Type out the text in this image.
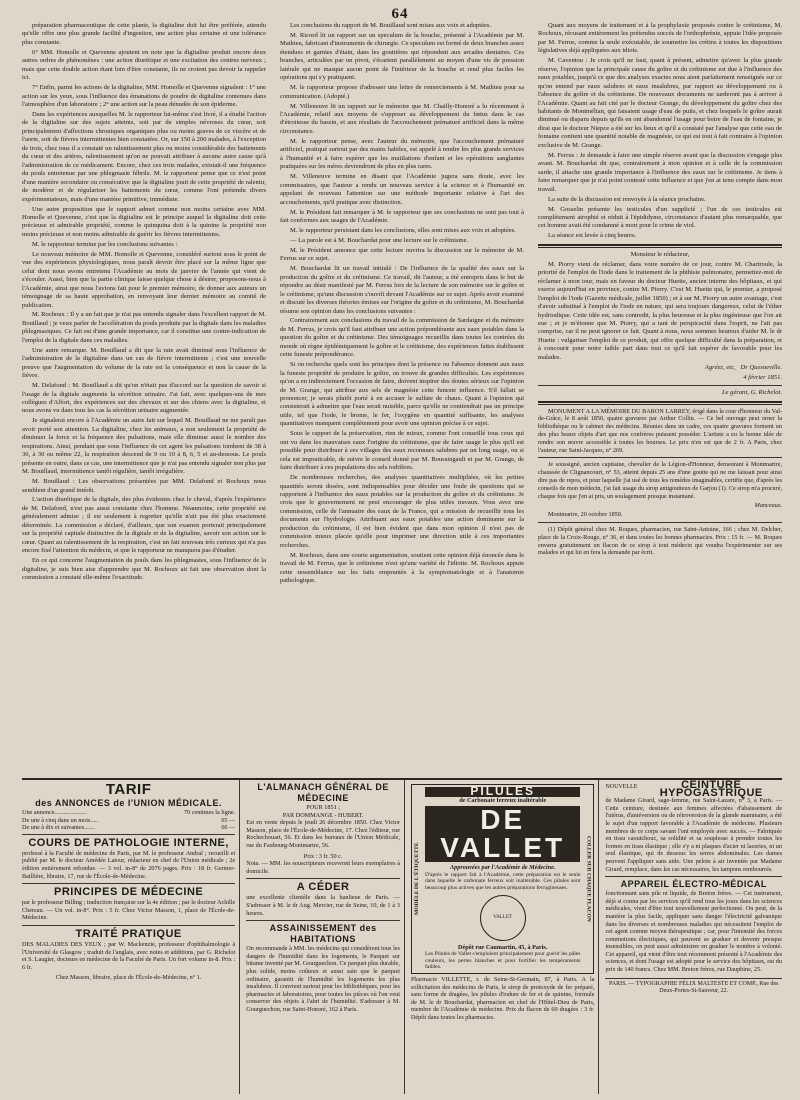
64

préparation pharmaceutique de cette plante, la digitaline doit lui être préférée, attendu qu'elle offre une plus grande facilité d'ingestion, une action plus certaine et une tolérance plus constante.

6° MM. Homolle et Quevenne ajoutent en note que la digitaline produit encore deux autres ordres de phénomènes : une action diurétique et une excitation des centres nerveux ; mais que cette double action étant loin d'être constante, ils ne croient pas devoir la rappeler ici.

7° Enfin, parmi les actions de la digitaline, MM. Homolle et Quevenne signalent : 1° une action sur les yeux, sous l'influence des émanations de poudre de digitaline contenues dans l'atmosphère d'un laboratoire ; 2° une action sur la peau dénudée de son épiderme.

Dans les expériences auxquelles M. le rapporteur lui-même s'est livré, il a étudié l'action de la digitaline sur des sujets atteints, soit par de simples névroses du cœur, soit principalement d'affections chroniques organiques plus ou moins graves de ce viscère et de l'aorte, soit de fièvres intermittentes bien constatées. Or, sur 150 à 200 malades, à l'exception de trois, chez tous il a constaté un ralentissement plus ou moins considérable des battements du cœur et des artères, ralentissement qu'on ne pouvait attribuer à aucune autre cause qu'à l'administration de ce médicament. Encore, chez ces trois malades, existait-il une fréquence du pouls entretenue par une phlegmasie fébrile. M. le rapporteur pense que ce n'est point d'une manière secondaire ou consécutive que la digitaline jouit de cette propriété de ralentir, de modérer et de régulariser les battements du cœur, comme l'ont prétendu divers expérimentateurs, mais d'une manière primitive, immédiate.

Une autre proposition que le rapport admet comme non moins certaine avec MM. Homolle et Quevenne, c'est que la digitaline est le principe auquel la digitaline doit cette précieuse et admirable propriété, comme le quinquina doit à la quinine la propriété non moins précieuse et non moins admirable de guérir les fièvres intermittentes.

M. le rapporteur termine par les conclusions suivantes :

Le nouveau mémoire de MM. Homolle et Quevenne, considéré surtout sous le point de vue des expériences physiologiques, nous paraît devoir être placé sur la même ligne que celui dont nous avons entretenu l'Académie au mois de janvier de l'année qui vient de s'écouler. Aussi, bien que la partie clinique laisse quelque chose à désirer, proposons-nous à l'Académie, ainsi que nous l'avions fait pour le premier mémoire, de donner aux auteurs un témoignage de sa haute approbation, en renvoyant leur dernier mémoire au comité de publication.

M. Rochoux : Il y a un fait que je n'ai pas entendu signaler dans l'excellent rapport de M. Bouillaud ; je veux parler de l'accélération du pouls produite par la digitale dans les maladies phlegmasiques. Ce fait est d'une grande importance, car il constitue une contre-indication de l'emploi de la digitale dans ces maladies.

Une autre remarque. M. Bouillaud a dit que la rate avait diminué sous l'influence de l'administration de la digitaline dans un cas de fièvre intermittente ; c'est une nouvelle preuve que l'augmentation du volume de la rate est la conséquence et non la cause de la fièvre.

M. Delafond : M. Bouillaud a dit qu'on n'était pas d'accord sur la question de savoir si l'usage de la digitale augmente la sécrétion urinaire. J'ai fait, avec quelques-uns de mes collègues d'Alfort, des expériences sur des chevaux et sur des chiens avec la digitaline, et nous avons vu dans tous les cas la sécrétion urinaire augmentée.

Je signalerai encore à l'Académie un autre fait sur lequel M. Bouillaud ne me paraît pas avoir porté son attention. La digitaline, chez les animaux, a non seulement la propriété de diminuer la force et la fréquence des pulsations, mais elle diminue aussi le nombre des respirations. Ainsi, pendant que sous l'influence de cet agent les pulsations tombent de 38 à 30, à 30 ou même 22, la respiration descend de 9 ou 10 à 8, 6, 5 et au-dessous. Le pouls présente en outre, dans ce cas, une intermittence que je n'ai pas entendu signaler non plus par M. Bouillaud, intermittence tantôt régulière, tantôt irrégulière.

M. Bouillaud : Les observations présentées par MM. Delafond et Rochoux nous semblent d'un grand intérêt.

L'action diurétique de la digitale, des plus évidentes chez le cheval, d'après l'expérience de M. Delafond, n'est pas aussi constante chez l'homme. Néanmoins, cette propriété est généralement admise ; il est seulement à regretter qu'elle n'ait pas été plus exactement déterminée. La commission a déclaré, d'ailleurs, que son examen porterait principalement sur la propriété capitale distinctive de la digitale et de la digitaline, savoir son action sur le cœur. Quant au ralentissement de la respiration, c'est un fait nouveau très curieux qui n'a pas encore fixé l'attention du médecin, et que le rapporteur ne manquera pas d'étudier.

En ce qui concerne l'augmentation du pouls dans les phlegmasies, sous l'influence de la digitaline, je suis bien aise d'apprendre que M. Rochoux ait fait une observation dont la commission a constaté elle-même l'exactitude.

Les conclusions du rapport de M. Bouillaud sont mises aux voix et adoptées.

M. Ricord lit un rapport sur un speculum de la bouche, présenté à l'Académie par M. Mathieu, fabricant d'instruments de chirurgie. Ce speculum est formé de deux branches assez étendues et garnies d'étain, dans les gouttières qui répondent aux arcades dentaires. Ces branches, articulées par un pivot, s'écartent parallèlement au moyen d'une vis de pression latérale qui ne masque aucun point de l'intérieur de la bouche et rend plus faciles les opérations qui s'y pratiquent.

M. le rapporteur propose d'adresser une lettre de remerciements à M. Mathieu pour sa communication. (Adopté.)

M. Villeneuve lit un rapport sur le mémoire que M. Chailly-Honoré a lu récemment à l'Académie, relatif aux moyens de s'opposer au développement du fœtus dans le cas d'étroitesse du bassin, et aux résultats de l'accouchement prématuré artificiel dans la même circonstance.

M. le rapporteur pense, avec l'auteur du mémoire, que l'accouchement prématuré artificiel, pratiqué surtout par des mains habiles, est appelé à rendre les plus grands services à l'humanité et à faire espérer que les mutilations d'enfant et les opérations sanglantes pratiquées sur les mères deviendront de plus en plus rares.

M. Villeneuve termine en disant que l'Académie jugera sans doute, avec les commissaires, que l'auteur a rendu un nouveau service à la science et à l'humanité en appelant de nouveau l'attention sur une méthode importante relative à l'art des accouchements, qu'il pratique avec distinction.

M. le Président fait remarquer à M. le rapporteur que ses conclusions ne sont pas tout à fait conformes aux usages de l'Académie.

M. le rapporteur persistant dans les conclusions, elles sont mises aux voix et adoptées.

— La parole est à M. Bouchardat pour une lecture sur le crétinisme.

M. le Président annonce que cette lecture ouvrira la discussion sur le mémoire de M. Ferrus sur ce sujet.

M. Bouchardat lit un travail intitulé : De l'influence de la qualité des eaux sur la production du goître et du crétinisme. Ce travail, dit l'auteur, a été entrepris dans le but de répondre au désir manifesté par M. Ferrus lors de la lecture de son mémoire sur le goître et le crétinisme, qu'une discussion s'ouvrît devant l'Académie sur ce sujet. Après avoir examiné et discuté les diverses théories émises sur l'origine du goître et du crétinisme, M. Bouchardat résume son opinion dans les conclusions suivantes :

Contrairement aux conclusions du travail de la commission de Sardaigne et du mémoire de M. Ferrus, je crois qu'il faut attribuer une action prépondérante aux eaux potables dans la question du goître et du crétinisme. Des témoignages recueillis dans toutes les contrées du monde où règne épidémiquement le goître et le crétinisme, des expériences faites établissent cette funeste prépondérance.

Si on recherche quels sont les principes dont la présence ou l'absence donnent aux eaux la funeste propriété de produire le goître, on trouve de grandes difficultés. Les expériences qu'on a en indirectement l'occasion de faire, doivent inspirer des doutes sérieux sur l'opinion de M. Grange, qui attribue aux sels de magnésie cette funeste influence. S'il fallait se prononcer, je serais plutôt porté à en accuser le sulfate de chaux. Quant à l'opinion qui consisterait à admettre que l'eau serait nuisible, parce qu'elle ne contiendrait pas un principe utile, tel que l'iode, le brome, le fer, l'oxygène en quantité suffisante, les analyses quantitatives manquent complètement pour avoir une opinion précise à ce sujet.

Sous le rapport de la préservation, rien de mieux, comme l'ont conseillé tous ceux qui ont vu dans les mauvaises eaux l'origine du crétinisme, que de faire usage le plus qu'il est possible pour distribuer à ces villages des eaux reconnues salubres par un long usage, ou si cela est impraticable, de suivre le conseil donné par M. Boussingault et par M. Grange, de faire distribuer à ces populations des sels iodifères.

De nombreuses recherches, des analyses quantitatives multipliées, où les petites quantités seront dosées, sont indispensables pour décider une foule de questions qui se rapportent à l'influence des eaux potables sur la production du goître et du crétinisme. Je crois que le gouvernement ne peut encourager de plus utiles travaux. Vous avez une commission, celle de l'annuaire des eaux de la France, qui a mission de recueillir tous les documents sur l'hydrologie. Attribuant aux eaux potables une action dominante sur la production du crétinisme, il est bien évident que dans mon opinion il n'est pas de commission mieux placée qu'elle pour imprimer une direction utile à ces importantes recherches.

M. Rochoux, dans une courte argumentation, soutient cette opinion déjà énoncée dans le travail de M. Ferrus, que le crétinisme n'est qu'une variété de l'idiotie. M. Rochoux appuie cette ressemblance sur les faits empruntés à la symptomatologie et à l'anatomie pathologique.

Quant aux moyens de traitement et à la prophylaxie proposés contre le crétinisme, M. Rochoux, récusant entièrement les prétendus succès de l'orthophrénie, appuie l'idée proposée par M. Ferrus, comme la seule exécutable, de soumettre les crétins à toutes les dispositions législatives déjà appliquées aux idiots.

M. Caventou : Je crois qu'il ne faut, quant à présent, admettre qu'avec la plus grande réserve, l'opinion que la principale cause du goître et du crétinisme est due à l'influence des eaux potables, jusqu'à ce que des analyses exactes nous aient parfaitement renseignés sur ce qu'on entend par eaux salubres et eaux insalubres, par rapport au développement ou à l'absence du goître et du crétinisme. De nouveaux documents ne tarderont pas à arriver à l'Académie. Quant au fait cité par le docteur Grange, du développement du goître chez des habitants de Montmélian, qui faisaient usage d'eau de puits, et chez lesquels le goître aurait diminué ou disparu depuis qu'ils en ont abandonné l'usage pour boire de l'eau de fontaine, je dirai que le docteur Niepce a été sur les lieux et qu'il a constaté par l'analyse que cette eau de fontaine contient une quantité notable de magnésie, ce qui est tout à fait contraire à l'opinion exclusive de M. Grange.

M. Ferrus : Je demande à faire une simple réserve avant que la discussion s'engage plus avant. M. Bouchardat dit que, contrairement à mon opinion et à celle de la commission sarde, il attache une grande importance à l'influence des eaux sur le crétinisme. Je tiens à faire remarquer que je n'ai point contesté cette influence et que j'en ai tenu compte dans mon travail.

La suite de la discussion est renvoyée à la séance prochaine.

M. Gosselin présente les testicules d'un supplicié ; l'un de ces testicules est complètement atrophié et réduit à l'épididyme, circonstance d'autant plus remarquable, que cet homme avait été condamné à mort pour le crime de viol.

La séance est levée à cinq heures.

Monsieur le rédacteur,

M. Piorry vient de réclamer, dans votre numéro de ce jour, contre M. Chartroule, la priorité de l'emploi de l'iode dans le traitement de la phthisie pulmonaire, permettez-moi de réclamer à mon tour, mais en faveur du docteur Huette, ancien interne des hôpitaux, et qui exerce aujourd'hui en province, contre M. Piorry. C'est M. Huette qui, le premier, a proposé l'emploi de l'iode (Gazette médicale, juillet 1850) ; et à sur M. Piorry un autre avantage, c'est d'avoir substitué à l'emploi de l'iode en nature, qui sera toujours dangereux, celui de l'éther hydriodique. Cette idée est, sans contredit, la plus heureuse et la plus ingénieuse que l'on ait eue ; et je m'étonne que M. Piorry, qui a tant de perspicacité dans l'esprit, ne l'ait pas comprise, car il ne peut ignorer ce fait. Quant à nous, nous sommes heureux d'aider M. le dr Huette : vulgariser l'emploi de ce produit, qui offre quelque difficulté dans la préparation, et à concourir pour notre faible part dans tout ce qu'il fait espérer de favorable pour les malades.

Agréez, etc, Dr Quesneville.

4 février 1851.

Le gérant, G. Richelot.

MONUMENT A LA MÉMOIRE DU BARON LARREY, érigé dans la cour d'honneur du Val-de-Grâce, le 8 août 1850, quatre gravures par Arthur Collin. — Ce bel ouvrage peut orner la bibliothèque ou le cabinet des médecins. Réunies dans un cadre, ces quatre gravures forment un des plus beaux objets d'art que nos confrères puissent posséder. L'artiste a eu la bonne idée de rendre son œuvre accessible à toutes les bourses. Le prix n'en est que de 2 fr. A Paris, chez l'auteur, rue Saint-Jacques, n° 269.

Je soussigné, ancien capitaine, chevalier de la Légion-d'Honneur, demeurant à Montmartre, chaussée de Clignancourt, n° 53, atteint depuis 25 ans d'une goutte qui ne me laissait pour ainsi dire pas de repos, et pour laquelle j'ai usé de tous les remèdes imaginables, certifie que, d'après les conseils de mon médecin, j'ai fait usage du sirop antigoutteux de Garjou (1). Ce sirop m'a procuré, chaque fois que j'en ai pris, un soulagement presque instantané.

Manceaux.

Montmartre, 20 octobre 1850.

(1) Dépôt général chez M. Roques, pharmacien, rue Saint-Antoine, 166 ; chez M. Delcher, place de la Croix-Rouge, n° 36, et dans toutes les bonnes pharmacies. Prix : 15 fr. — M. Roques envarra gratuitement un flacon de ce sirop à tout médecin qui voudra l'expérimenter sur ses malades et qui lui en fera la demande par écrit.

TARIF
des ANNONCES de l'UNION MÉDICALE.
Une annonce.....................	70 centimes la ligne.
De une à cinq dans un mois.....	65 —
De une à dix et suivantes.......	60 —
COURS DE PATHOLOGIE INTERNE,
professé à la Faculté de médecine de Paris, par M. le professeur Andral ; recueilli et publié par M. le docteur Amédée Latour, rédacteur en chef de l'Union médicale ; 2e édition entièrement refondue. — 3 vol. in-8° de 2076 pages. Prix : 18 fr. Germer-Baillière, libraire, 17, rue de l'École-de-Médecine.
PRINCIPES DE MÉDECINE
par le professeur Billing ; traduction française sur la 4e édition ; par le docteur Achille Chereau. — Un vol. in-8°. Prix : 5 fr. Chez Victor Masson, 1, place de l'École-de-Médecine.
TRAITÉ PRATIQUE
DES MALADIES DES YEUX ; par W. Mackenzie, professeur d'ophthalmologie à l'Université de Glasgow ; traduit de l'anglais, avec notes et additions, par G. Richelot et S. Laugier, docteurs en médecine de la Faculté de Paris. Un fort volume in-8. Prix : 6 fr.
Chez Masson, libraire, place de l'École-de-Médecine, n° 1.
L'ALMANACH GÉNÉRAL DE MÉDECINE
POUR 1851 ;
PAR DOMMANGE - HUBERT.
Est en vente depuis le jeudi 26 décembre 1850. Chez Victor Masson, place de l'École-de-Médecine, 17. Chez l'éditeur, rue Rochechouart, 56. Et dans les bureaux de l'Union Médicale, rue du Faubourg-Montmartre, 56.
Prix : 3 fr. 50 c.
Nota. — MM. les souscripteurs recevront leurs exemplaires à domicile.
A CÉDER
une excellente clientèle dans la banlieue de Paris. — S'adresser à M. le dr Aug. Mercier, rue de Seine, 10, de 1 à 3 heures.
ASSAINISSEMENT des HABITATIONS
On recommande à MM. les médecins qui considèrent tous les dangers de l'humidité dans les logements, le Parquet sur bitume inventé par M. Gourguechon. Ce parquet plus durable, plus solide, moins coûteux et aussi sain que le parquet ordinaire, garantit de l'humidité les logements les plus insalubres. Il convient surtout pour les bibliothèques, pour les pharmacies et laboratoires, pour toutes les pièces où l'on veut conserver des objets à l'abri de l'humidité. S'adresser à M. Gourguechon, rue Saint-Honoré, 162 à Paris.
MODÈLE DE L'ÉTIQUETTE
PILULES
de Carbonate ferreux inaltérable
DE VALLET
Approuvées par l'Académie de Médecine.
D'après le rapport fait à l'Académie, cette préparation est le seule dans laquelle le carbonate ferreux soit inaltérable. Ces pilules sont beaucoup plus actives que les autres préparations ferrugineuses.
VALLET
Dépôt rue Caumartin, 45, à Paris.
Les Pilules de Vallet s'emploient principalement pour guérir les pâles couleurs, les pertes blanches et pour fortifier les tempéraments faibles.
COLLER SUR CHAQUE FLACON
Pharmacie VILLETTE, r. de Seine-St-Germain, 87, à Paris. A la sollicitation des médecins de Paris, le sirop de protoxyde de fer préparé, sans forme de dragées, les pilules d'iodure de fer et de quinine, formule de M. le dr Bouchardat, pharmacien en chef de l'Hôtel-Dieu de Paris, membre de l'Académie de médecine. Prix du flacon de 60 dragées : 3 fr. Dépôt dans toutes les pharmacies.
NOUVELLE	CEINTURE HYPOGASTRIQUE
de Madame Girard, sage-femme, rue Saint-Lazare, n° 3, à Paris. — Cette ceinture, destinée aux femmes affectées d'abaissement de l'utérus, d'antéversion ou de rétroversion de la glande mammaire, a été le sujet d'un rapport favorable à l'Académie de médecine. Plusieurs membres de ce corps savant l'ont employée avec succès. — Fabriquée en tissu caoutchouc, sa solidité et sa souplesse à prendre toutes les formes en tissu élastique ; elle s'y a ni plaques d'acier ni laceries, ni un seul élastique, qui de dessous les serres abdominales. Les dames peuvent l'appliquer sans aide. Une pelote à air inventée par Madame Girard, remplace, dans les cas nécessaires, les tampons rembourrés.
APPAREIL ÉLECTRO-MÉDICAL
fonctionnant sans pile ni liquide, de Breton frères. — Cet instrument, déjà si connu par les services qu'il rend tous les jours dans les sciences médicales, vient d'être tout nouvellement perfectionné. On peut, de la manière la plus facile, appliquer sans danger l'électricité galvanique dans les diverses et nombreuses maladies qui nécessitent l'emploi de cet agent comme moyen thérapeutique ; car, pour l'intensité des forces commotions électriques, qui peuvent se graduer et devenir presque insensibles, on peut aussi administrer en graduer le nombre à volonté. Cet appareil, qui vient d'être tout récemment présenté à l'Académie des sciences, et dont l'usage est adopté pour le service des hôpitaux, est du prix de 140 francs. Chez MM. Breton frères, rue Dauphine, 25.
PARIS. — TYPOGRAPHIE FÉLIX MALTESTE ET COMP., Rue des Deux-Portes-St-Sauveur, 22.
